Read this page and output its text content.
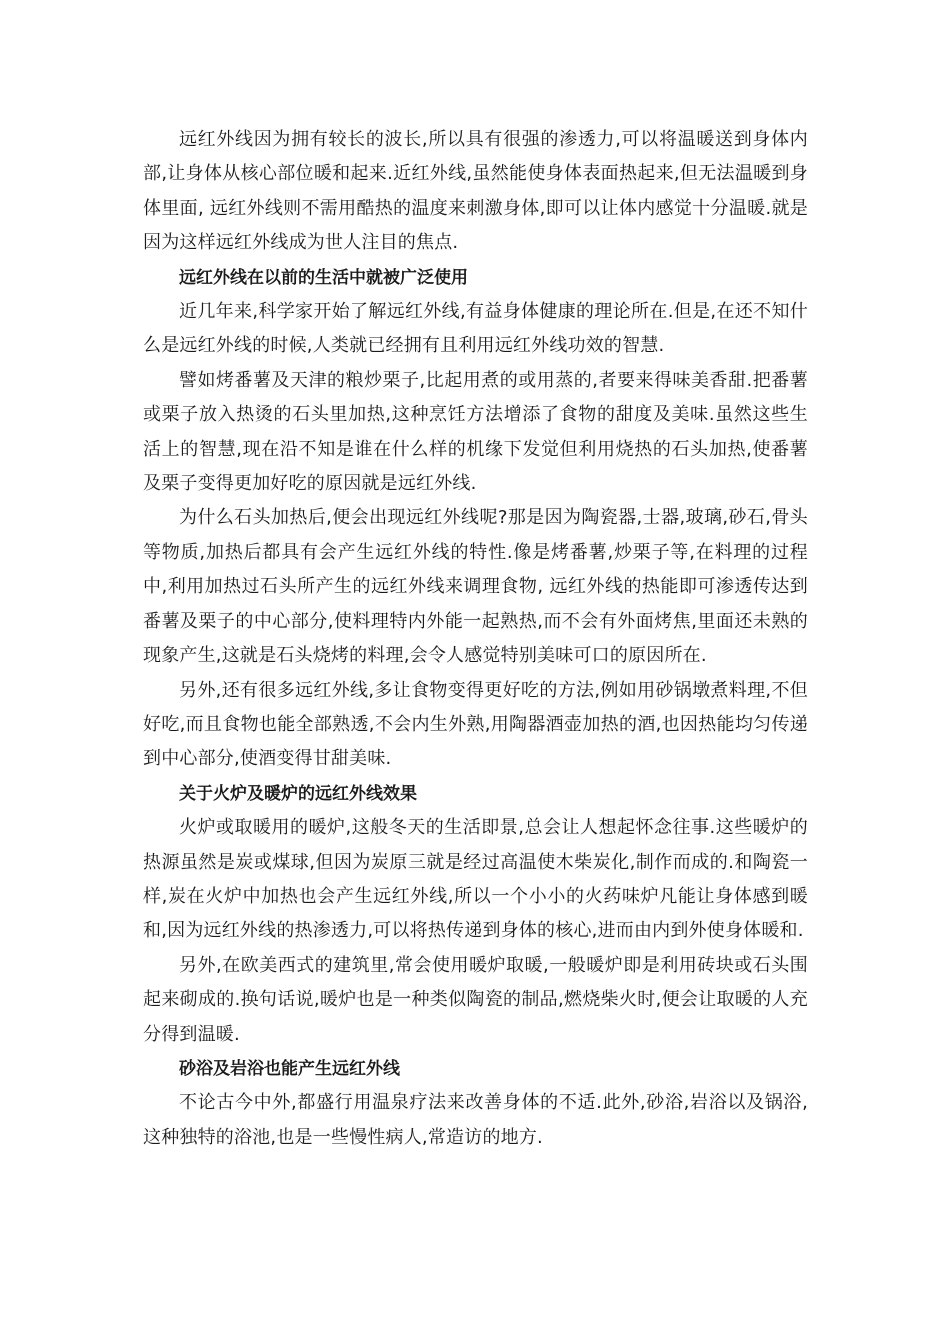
远红外线因为拥有较长的波长,所以具有很强的渗透力,可以将温暖送到身体内部,让身体从核心部位暖和起来.近红外线,虽然能使身体表面热起来,但无法温暖到身体里面, 远红外线则不需用酷热的温度来刺激身体,即可以让体内感觉十分温暖.就是因为这样远红外线成为世人注目的焦点.

远红外线在以前的生活中就被广泛使用

近几年来,科学家开始了解远红外线,有益身体健康的理论所在.但是,在还不知什么是远红外线的时候,人类就已经拥有且利用远红外线功效的智慧.

譬如烤番薯及天津的粮炒栗子,比起用煮的或用蒸的,者要来得味美香甜.把番薯或栗子放入热烫的石头里加热,这种烹饪方法增添了食物的甜度及美味.虽然这些生活上的智慧,现在沿不知是谁在什么样的机缘下发觉但利用烧热的石头加热,使番薯及栗子变得更加好吃的原因就是远红外线.

为什么石头加热后,便会出现远红外线呢?那是因为陶瓷器,士器,玻璃,砂石,骨头等物质,加热后都具有会产生远红外线的特性.像是烤番薯,炒栗子等,在料理的过程中,利用加热过石头所产生的远红外线来调理食物, 远红外线的热能即可渗透传达到番薯及栗子的中心部分,使料理特内外能一起熟热,而不会有外面烤焦,里面还未熟的现象产生,这就是石头烧烤的料理,会令人感觉特别美味可口的原因所在.

另外,还有很多远红外线,多让食物变得更好吃的方法,例如用砂锅墩煮料理,不但好吃,而且食物也能全部熟透,不会内生外熟,用陶器酒壶加热的酒,也因热能均匀传递到中心部分,使酒变得甘甜美味.

关于火炉及暖炉的远红外线效果

火炉或取暖用的暖炉,这般冬天的生活即景,总会让人想起怀念往事.这些暖炉的热源虽然是炭或煤球,但因为炭原三就是经过高温使木柴炭化,制作而成的.和陶瓷一样,炭在火炉中加热也会产生远红外线,所以一个小小的火药味炉凡能让身体感到暖和,因为远红外线的热渗透力,可以将热传递到身体的核心,进而由内到外使身体暖和.

另外,在欧美西式的建筑里,常会使用暖炉取暖,一般暖炉即是利用砖块或石头围起来砌成的.换句话说,暖炉也是一种类似陶瓷的制品,燃烧柴火时,便会让取暖的人充分得到温暖.

砂浴及岩浴也能产生远红外线

不论古今中外,都盛行用温泉疗法来改善身体的不适.此外,砂浴,岩浴以及锅浴,这种独特的浴池,也是一些慢性病人,常造访的地方.
